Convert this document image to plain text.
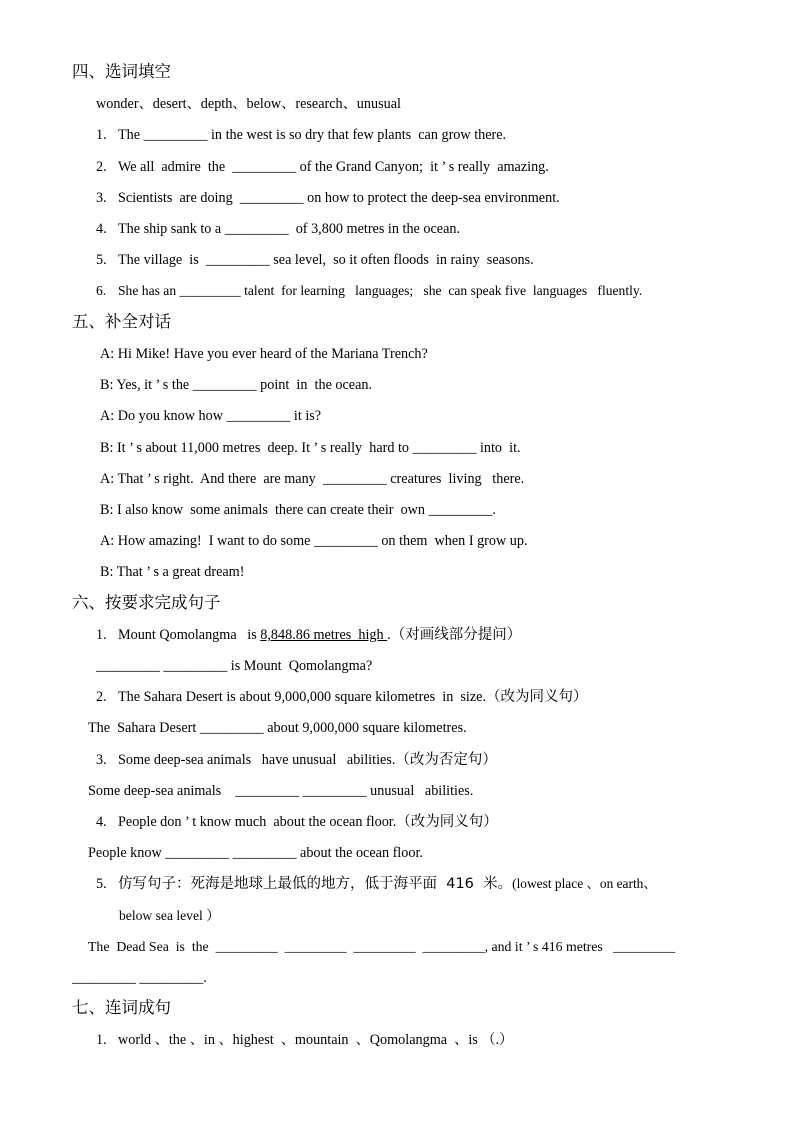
四、选词填空
wonder、desert、depth、below、research、unusual
1. The _________ in the west is so dry that few plants  can grow there.
2. We all  admire  the  _________ of the Grand Canyon;  it ’ s really  amazing.
3. Scientists  are doing  _________ on how to protect the deep-sea environment.
4. The ship sank to a _________  of 3,800 metres in the ocean.
5. The village  is  _________ sea level,  so it often floods  in rainy  seasons.
6. She has an _________ talent  for learning   languages;   she  can speak five  languages   fluently.
五、补全对话
A: Hi Mike! Have you ever heard of the Mariana Trench?
B: Yes, it ’ s the _________ point  in  the ocean.
A: Do you know how _________ it is?
B: It ’ s about 11,000 metres  deep. It ’ s really  hard to _________ into  it.
A: That ’ s right.  And there  are many  _________ creatures  living   there.
B: I also know  some animals  there can create their  own _________.
A: How amazing!  I want to do some _________ on them  when I grow up.
B: That ’ s a great dream!
六、按要求完成句子
1. Mount Qomolangma   is 8,848.86 metres  high .（对画线部分提问）
_________ _________ is Mount  Qomolangma?
2. The Sahara Desert is about 9,000,000 square kilometres  in  size.（改为同义句）
The  Sahara Desert _________ about 9,000,000 square kilometres.
3. Some deep-sea animals   have unusual   abilities.（改为否定句）
Some deep-sea animals    _________ _________ unusual   abilities.
4. People don ’ t know much  about the ocean floor.（改为同义句）
People know _________ _________ about the ocean floor.
5. 仿写句子：死海是地球上最低的地方，低于海平面  416  米。(lowest place 、on earth、
below sea level ）
The  Dead Sea  is  the  _________  _________  _________  _________, and it ’ s 416 metres   _________
_________ _________.
七、连词成句
1. world 、the 、in 、highest  、mountain  、Qomolangma  、is （.）
